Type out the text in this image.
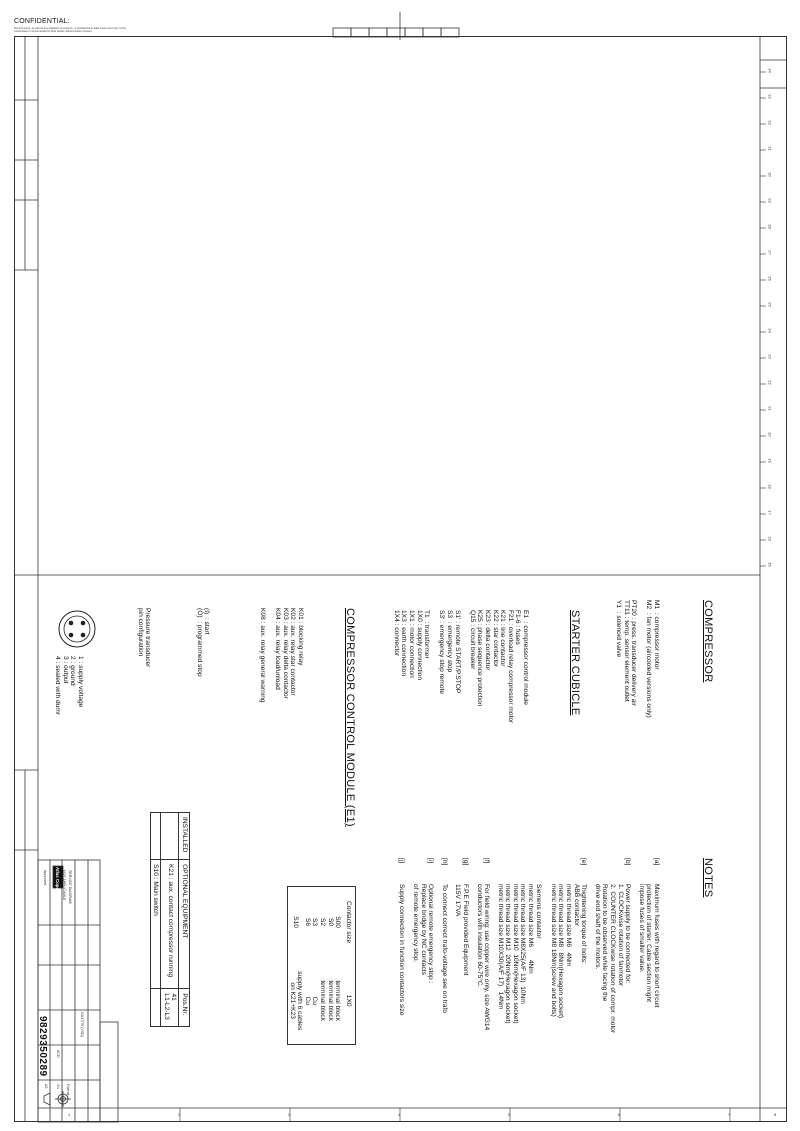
CONFIDENTIAL:
this document, as well as any utilization of contents, is confidential to Atlas Copco and may not be transmitted or communicated to third parties without written consent.
15
16
17
18
19
20
21
22
23
24
25
26
27
28
29
30
31
32
33
34
1	2	3	4	5	6	7	8

COMPRESSOR

M1  : compressor motor
M2  : fan motor (aircooled versions only)

PT20 : press. transducer delivery air
TT11 : temp. sensor element outlet
Y1  : solenoid valve

STARTER CUBICLE

E1  : compressor control module
F1-6 : fuses
F21 : overload relay compressor motor
K21 : line contactor
K22 : star contactor
K23 : delta contactor
K25 : phase sequence protection
Q15 : circuit breaker

S1' : remote START/P.STOP
S3  : emergency stop
S3' : emergency stop remote

T1  : transformer
1X0 : supply connection
1X1 : motor connection
1X3 : earth connection
1X4 : connector

COMPRESSOR CONTROL MODULE (E1)

K01 : blocking relay
K02 : aux. relay star contactor
K03 : aux. relay delta contactor
K04 : aux. relay load/unload

K08 : aux. relay general warning

(I)  : start
(O)  : programmed stop

Pressure transducer
pin configuration

1 : supply voltage
2 : ground
3 : output
4 : sealed with dumr

NOTES

[a]
Maximum fuses with regard to short circuit
protection of starter. Cable section might
impose fuses of smaller value.
[b]
Power supply to be connected for:
1. CLOCKwise rotation of fanmotor
2. COUNTER CLOCKwise rotation of compr. motor
Rotation to be observed while facing the
drive end shaft of the motors.
[e]
Thightening torque of bolts:
ABB contactor
metric thread size M6   4Nm
metric thread size M8   8Nm(Hexagon socket)
metric thread size M8 18Nm(screw and bolts)

Siemens contactor
metric thread size M6       4Nm
metric thread size M8X25(A/F 13)  10Nm
metric thread size M10  10Nm(Hexagon socket)
metric thread size M12  20Nm(Hexagon socket)
metric thread size M10X30(A/F 17)   14Nm
[f]
For field wiring: use copper wire only, size AWG14
conductors with insulation 60-75°C.
[g]
F.P.E Field provided Equipment
115V 17VA
[h]
To connect correct trafo-voltage see on trafo
[i]
Optional remote emergency stop :
Replace bridge by NC contacts
of remote emergency stop.
[j]
Supply connection in function contactors size

Contactor size	1X0
S00	terminal block
S0	terminal block
S2	terminal block
S3	Cu
S6	Cu
S10	supply with 6 cables
on K21+K23

INSTALLED	OPTIONAL EQUIPMENT	Pos.Nr.
	K21 : aux. contact compressor running	41
L1-L2-L3
	S10 : Main switch	

9829350289
SERVICE DIAGRAM
NOT APPLICABLE
Atlas Copco
Approved
GA37/75 (VSD)
ACD
A3 1/1 Format
